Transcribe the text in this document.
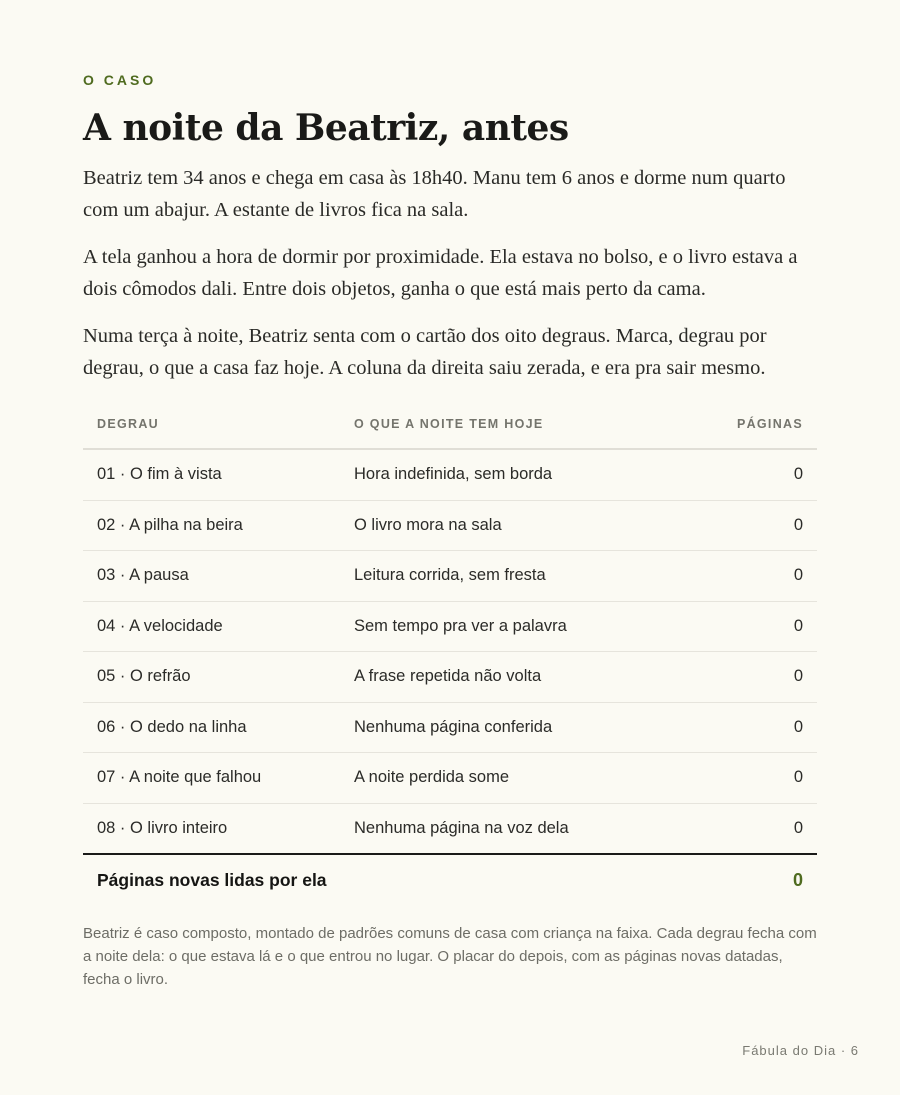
O CASO
A noite da Beatriz, antes

Beatriz tem 34 anos e chega em casa às 18h40. Manu tem 6 anos e dorme num quarto com um abajur. A estante de livros fica na sala.

A tela ganhou a hora de dormir por proximidade. Ela estava no bolso, e o livro estava a dois cômodos dali. Entre dois objetos, ganha o que está mais perto da cama.

Numa terça à noite, Beatriz senta com o cartão dos oito degraus. Marca, degrau por degrau, o que a casa faz hoje. A coluna da direita saiu zerada, e era pra sair mesmo.

DEGRAU	O QUE A NOITE TEM HOJE	PÁGINAS
01 · O fim à vista	Hora indefinida, sem borda	0
02 · A pilha na beira	O livro mora na sala	0
03 · A pausa	Leitura corrida, sem fresta	0
04 · A velocidade	Sem tempo pra ver a palavra	0
05 · O refrão	A frase repetida não volta	0
06 · O dedo na linha	Nenhuma página conferida	0
07 · A noite que falhou	A noite perdida some	0
08 · O livro inteiro	Nenhuma página na voz dela	0
Páginas novas lidas por ela	0

Beatriz é caso composto, montado de padrões comuns de casa com criança na faixa. Cada degrau fecha com a noite dela: o que estava lá e o que entrou no lugar. O placar do depois, com as páginas novas datadas, fecha o livro.

Fábula do Dia · 6
